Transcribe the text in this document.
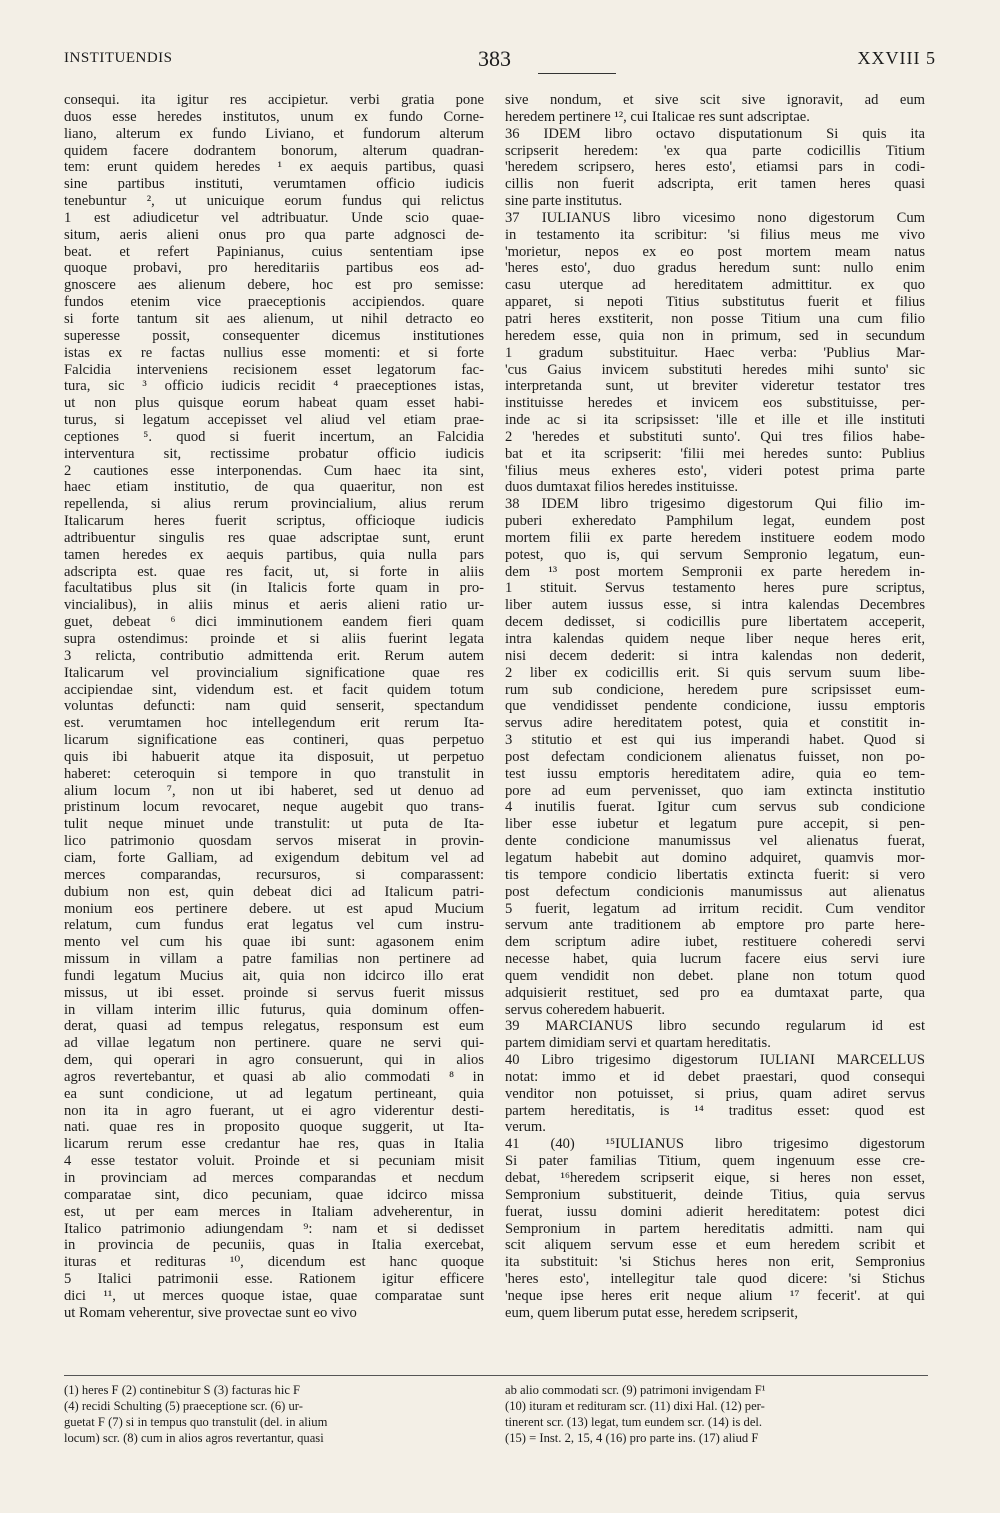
INSTITUENDIS	383	XXVIII 5
consequi. ita igitur res accipietur. verbi gratia pone
duos esse heredes institutos, unum ex fundo Corne-
liano, alterum ex fundo Liviano, et fundorum alterum
quidem facere dodrantem bonorum, alterum quadran-
tem: erunt quidem heredes ¹ ex aequis partibus, quasi
sine partibus instituti, verumtamen officio iudicis
tenebuntur ², ut unicuique eorum fundus qui relictus
1 est adiudicetur vel adtribuatur. Unde scio quae-
situm, aeris alieni onus pro qua parte adgnosci de-
beat. et refert Papinianus, cuius sententiam ipse
quoque probavi, pro hereditariis partibus eos ad-
gnoscere aes alienum debere, hoc est pro semisse:
fundos etenim vice praeceptionis accipiendos. quare
si forte tantum sit aes alienum, ut nihil detracto eo
superesse possit, consequenter dicemus institutiones
istas ex re factas nullius esse momenti: et si forte
Falcidia interveniens recisionem esset legatorum fac-
tura, sic ³ officio iudicis recidit ⁴ praeceptiones istas,
ut non plus quisque eorum habeat quam esset habi-
turus, si legatum accepisset vel aliud vel etiam prae-
ceptiones ⁵. quod si fuerit incertum, an Falcidia
interventura sit, rectissime probatur officio iudicis
2 cautiones esse interponendas. Cum haec ita sint,
haec etiam institutio, de qua quaeritur, non est
repellenda, si alius rerum provincialium, alius rerum
Italicarum heres fuerit scriptus, officioque iudicis
adtribuentur singulis res quae adscriptae sunt, erunt
tamen heredes ex aequis partibus, quia nulla pars
adscripta est. quae res facit, ut, si forte in aliis
facultatibus plus sit (in Italicis forte quam in pro-
vincialibus), in aliis minus et aeris alieni ratio ur-
guet, debeat ⁶ dici imminutionem eandem fieri quam
supra ostendimus: proinde et si aliis fuerint legata
3 relicta, contributio admittenda erit. Rerum autem
Italicarum vel provincialium significatione quae res
accipiendae sint, videndum est. et facit quidem totum
voluntas defuncti: nam quid senserit, spectandum
est. verumtamen hoc intellegendum erit rerum Ita-
licarum significatione eas contineri, quas perpetuo
quis ibi habuerit atque ita disposuit, ut perpetuo
haberet: ceteroquin si tempore in quo transtulit in
alium locum ⁷, non ut ibi haberet, sed ut denuo ad
pristinum locum revocaret, neque augebit quo trans-
tulit neque minuet unde transtulit: ut puta de Ita-
lico patrimonio quosdam servos miserat in provin-
ciam, forte Galliam, ad exigendum debitum vel ad
merces comparandas, recursuros, si comparassent:
dubium non est, quin debeat dici ad Italicum patri-
monium eos pertinere debere. ut est apud Mucium
relatum, cum fundus erat legatus vel cum instru-
mento vel cum his quae ibi sunt: agasonem enim
missum in villam a patre familias non pertinere ad
fundi legatum Mucius ait, quia non idcirco illo erat
missus, ut ibi esset. proinde si servus fuerit missus
in villam interim illic futurus, quia dominum offen-
derat, quasi ad tempus relegatus, responsum est eum
ad villae legatum non pertinere. quare ne servi qui-
dem, qui operari in agro consuerunt, qui in alios
agros revertebantur, et quasi ab alio commodati ⁸ in
ea sunt condicione, ut ad legatum pertineant, quia
non ita in agro fuerant, ut ei agro viderentur desti-
nati. quae res in proposito quoque suggerit, ut Ita-
licarum rerum esse credantur hae res, quas in Italia
4 esse testator voluit. Proinde et si pecuniam misit
in provinciam ad merces comparandas et necdum
comparatae sint, dico pecuniam, quae idcirco missa
est, ut per eam merces in Italiam adveherentur, in
Italico patrimonio adiungendam ⁹: nam et si dedisset
in provincia de pecuniis, quas in Italia exercebat,
ituras et redituras ¹⁰, dicendum est hanc quoque
5 Italici patrimonii esse. Rationem igitur efficere
dici ¹¹, ut merces quoque istae, quae comparatae sunt
ut Romam veherentur, sive provectae sunt eo vivo
sive nondum, et sive scit sive ignoravit, ad eum
heredem pertinere ¹², cui Italicae res sunt adscriptae.
36 IDEM libro octavo disputationum Si quis ita
scripserit heredem: 'ex qua parte codicillis Titium
'heredem scripsero, heres esto', etiamsi pars in codi-
cillis non fuerit adscripta, erit tamen heres quasi
sine parte institutus.
37 IULIANUS libro vicesimo nono digestorum Cum
in testamento ita scribitur: 'si filius meus me vivo
'morietur, nepos ex eo post mortem meam natus
'heres esto', duo gradus heredum sunt: nullo enim
casu uterque ad hereditatem admittitur. ex quo
apparet, si nepoti Titius substitutus fuerit et filius
patri heres exstiterit, non posse Titium una cum filio
heredem esse, quia non in primum, sed in secundum
1 gradum substituitur. Haec verba: 'Publius Mar-
'cus Gaius invicem substituti heredes mihi sunto' sic
interpretanda sunt, ut breviter videretur testator tres
instituisse heredes et invicem eos substituisse, per-
inde ac si ita scripsisset: 'ille et ille et ille instituti
2 'heredes et substituti sunto'. Qui tres filios habe-
bat et ita scripserit: 'filii mei heredes sunto: Publius
'filius meus exheres esto', videri potest prima parte
duos dumtaxat filios heredes instituisse.
38 IDEM libro trigesimo digestorum Qui filio im-
puberi exheredato Pamphilum legat, eundem post
mortem filii ex parte heredem instituere eodem modo
potest, quo is, qui servum Sempronio legatum, eun-
dem ¹³ post mortem Sempronii ex parte heredem in-
1 stituit. Servus testamento heres pure scriptus,
liber autem iussus esse, si intra kalendas Decembres
decem dedisset, si codicillis pure libertatem acceperit,
intra kalendas quidem neque liber neque heres erit,
nisi decem dederit: si intra kalendas non dederit,
2 liber ex codicillis erit. Si quis servum suum libe-
rum sub condicione, heredem pure scripsisset eum-
que vendidisset pendente condicione, iussu emptoris
servus adire hereditatem potest, quia et constitit in-
3 stitutio et est qui ius imperandi habet. Quod si
post defectam condicionem alienatus fuisset, non po-
test iussu emptoris hereditatem adire, quia eo tem-
pore ad eum pervenisset, quo iam extincta institutio
4 inutilis fuerat. Igitur cum servus sub condicione
liber esse iubetur et legatum pure accepit, si pen-
dente condicione manumissus vel alienatus fuerat,
legatum habebit aut domino adquiret, quamvis mor-
tis tempore condicio libertatis extincta fuerit: si vero
post defectum condicionis manumissus aut alienatus
5 fuerit, legatum ad irritum recidit. Cum venditor
servum ante traditionem ab emptore pro parte here-
dem scriptum adire iubet, restituere coheredi servi
necesse habet, quia lucrum facere eius servi iure
quem vendidit non debet. plane non totum quod
adquisierit restituet, sed pro ea dumtaxat parte, qua
servus coheredem habuerit.
39 MARCIANUS libro secundo regularum id est
partem dimidiam servi et quartam hereditatis.
40 Libro trigesimo digestorum IULIANI MARCELLUS
notat: immo et id debet praestari, quod consequi
venditor non potuisset, si prius, quam adiret servus
partem hereditatis, is ¹⁴ traditus esset: quod est
verum.
41 (40) ¹⁵IULIANUS libro trigesimo digestorum
Si pater familias Titium, quem ingenuum esse cre-
debat, ¹⁶heredem scripserit eique, si heres non esset,
Sempronium substituerit, deinde Titius, quia servus
fuerat, iussu domini adierit hereditatem: potest dici
Sempronium in partem hereditatis admitti. nam qui
scit aliquem servum esse et eum heredem scribit et
ita substituit: 'si Stichus heres non erit, Sempronius
'heres esto', intellegitur tale quod dicere: 'si Stichus
'neque ipse heres erit neque alium ¹⁷ fecerit'. at qui
eum, quem liberum putat esse, heredem scripserit,
(1) heres F (2) continebitur S (3) facturas hic F
(4) recidi Schulting (5) praeceptione scr. (6) ur-
guetat F (7) si in tempus quo transtulit (del. in alium
locum) scr. (8) cum in alios agros revertantur, quasi
ab alio commodati scr. (9) patrimoni invigendam F¹
(10) ituram et redituram scr. (11) dixi Hal. (12) per-
tinerent scr. (13) legat, tum eundem scr. (14) is del.
(15) = Inst. 2, 15, 4 (16) pro parte ins. (17) aliud F
